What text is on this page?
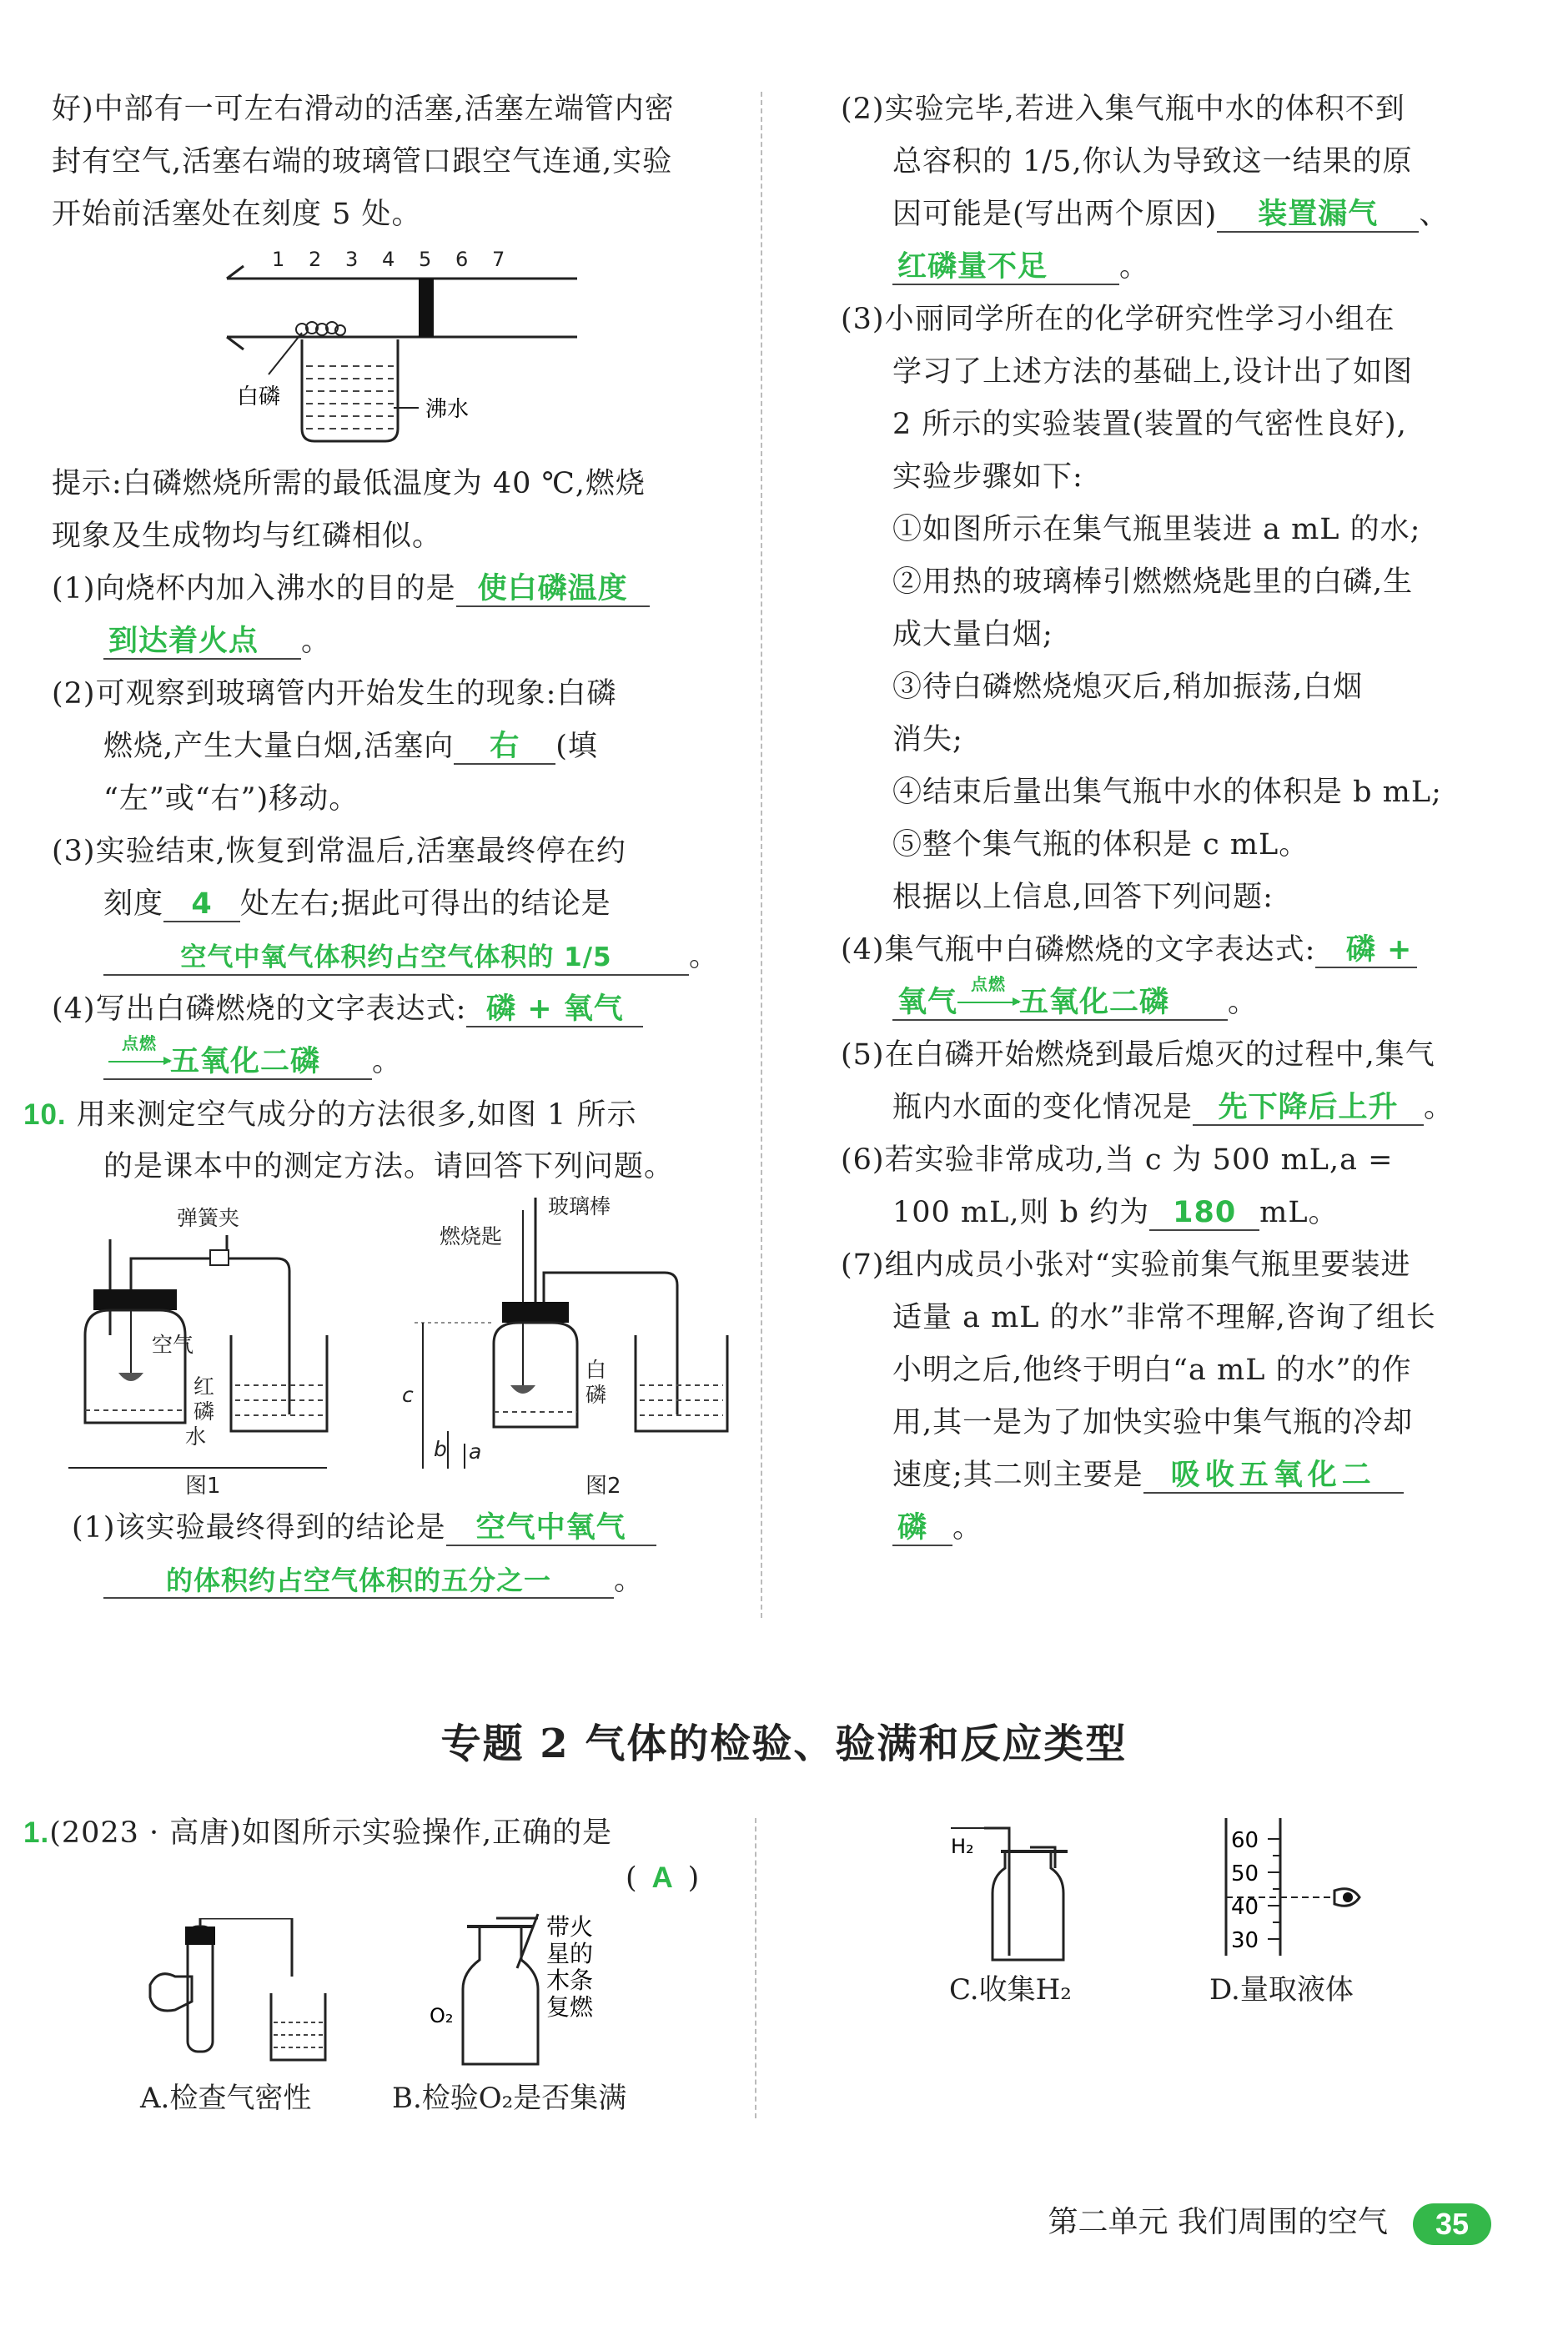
好)中部有一可左右滑动的活塞,活塞左端管内密
封有空气,活塞右端的玻璃管口跟空气连通,实验
开始前活塞处在刻度 5 处。
1 2 3 4 5 6 7
白磷	沸水
提示:白磷燃烧所需的最低温度为 40 ℃,燃烧
现象及生成物均与红磷相似。
(1)向烧杯内加入沸水的目的是 使白磷温度
到达着火点 。
(2)可观察到玻璃管内开始发生的现象:白磷
燃烧,产生大量白烟,活塞向 右 (填
“左”或“右”)移动。
(3)实验结束,恢复到常温后,活塞最终停在约
刻度 4 处左右;据此可得出的结论是
空气中氧气体积约占空气体积的 1/5	。
(4)写出白磷燃烧的文字表达式: 磷 + 氧气
点燃
五氧化二磷 。
10. 用来测定空气成分的方法很多,如图 1 所示
的是课本中的测定方法。请回答下列问题。
弹簧夹
空气
红
磷
水
燃烧匙
玻璃棒
白
磷
c
b a
图1	图2
(1)该实验最终得到的结论是 空气中氧气
的体积约占空气体积的五分之一 。
(2)实验完毕,若进入集气瓶中水的体积不到
总容积的 1/5,你认为导致这一结果的原
因可能是(写出两个原因) 装置漏气 、
红磷量不足 。
(3)小丽同学所在的化学研究性学习小组在
学习了上述方法的基础上,设计出了如图
2 所示的实验装置(装置的气密性良好),
实验步骤如下:
①如图所示在集气瓶里装进 a mL 的水;
②用热的玻璃棒引燃燃烧匙里的白磷,生
成大量白烟;
③待白磷燃烧熄灭后,稍加振荡,白烟
消失;
④结束后量出集气瓶中水的体积是 b mL;
⑤整个集气瓶的体积是 c mL。
根据以上信息,回答下列问题:
(4)集气瓶中白磷燃烧的文字表达式: 磷 +
氧气
点燃
五氧化二磷 。
(5)在白磷开始燃烧到最后熄灭的过程中,集气
瓶内水面的变化情况是 先下降后上升 。
(6)若实验非常成功,当 c 为 500 mL,a =
100 mL,则 b 约为 180 mL。
(7)组内成员小张对“实验前集气瓶里要装进
适量 a mL 的水”非常不理解,咨询了组长
小明之后,他终于明白“a mL 的水”的作
用,其一是为了加快实验中集气瓶的冷却
速度;其二则主要是 吸收五氧化二
磷 。
专题 2 气体的检验、验满和反应类型
1.(2023 · 高唐)如图所示实验操作,正确的是
( A )
A.检查气密性
O₂
带火
星的
木条
复燃
B.检验O₂是否集满
H₂
C.收集H₂
60
50
40
30
D.量取液体
第二单元 我们周围的空气 35
